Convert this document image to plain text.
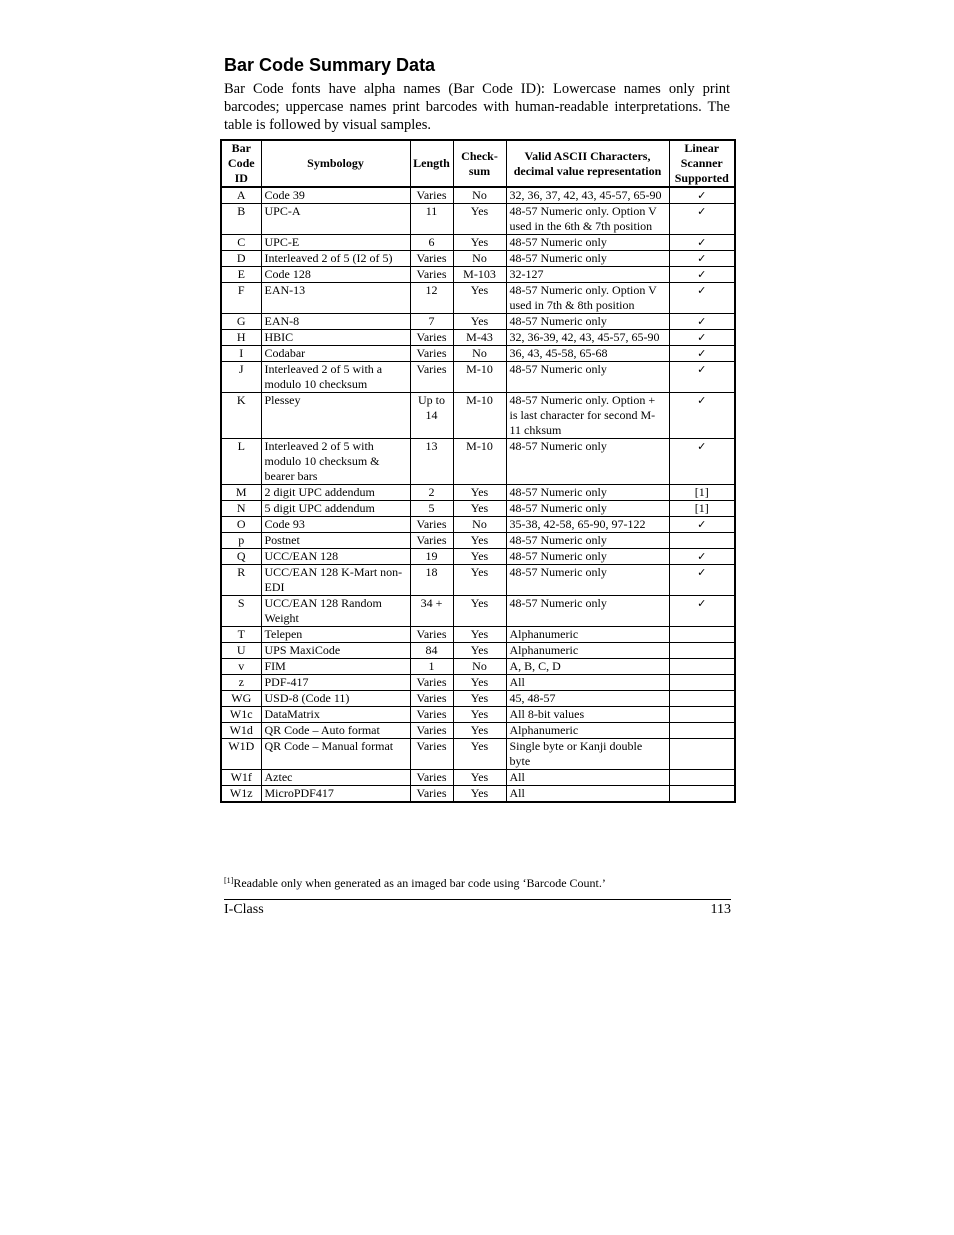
Bar Code Summary Data
Bar Code fonts have alpha names (Bar Code ID): Lowercase names only print barcodes; uppercase names print barcodes with human-readable interpretations. The table is followed by visual samples.
Bar Code ID	Symbology	Length	Check-sum	Valid ASCII Characters, decimal value representation	Linear Scanner Supported
A	Code 39	Varies	No	32, 36, 37, 42, 43, 45-57, 65-90	✓
B	UPC-A	11	Yes	48-57 Numeric only. Option V used in the 6th & 7th position	✓
C	UPC-E	6	Yes	48-57 Numeric only	✓
D	Interleaved 2 of 5 (I2 of 5)	Varies	No	48-57 Numeric only	✓
E	Code 128	Varies	M-103	32-127	✓
F	EAN-13	12	Yes	48-57 Numeric only. Option V used in 7th & 8th position	✓
G	EAN-8	7	Yes	48-57 Numeric only	✓
H	HBIC	Varies	M-43	32, 36-39, 42, 43, 45-57, 65-90	✓
I	Codabar	Varies	No	36, 43, 45-58, 65-68	✓
J	Interleaved 2 of 5 with a modulo 10 checksum	Varies	M-10	48-57 Numeric only	✓
K	Plessey	Up to 14	M-10	48-57 Numeric only. Option + is last character for second M-11 chksum	✓
L	Interleaved 2 of 5 with modulo 10 checksum & bearer bars	13	M-10	48-57 Numeric only	✓
M	2 digit UPC addendum	2	Yes	48-57 Numeric only	[1]
N	5 digit UPC addendum	5	Yes	48-57 Numeric only	[1]
O	Code 93	Varies	No	35-38, 42-58, 65-90, 97-122	✓
p	Postnet	Varies	Yes	48-57 Numeric only	
Q	UCC/EAN 128	19	Yes	48-57 Numeric only	✓
R	UCC/EAN 128 K-Mart non-EDI	18	Yes	48-57 Numeric only	✓
S	UCC/EAN 128 Random Weight	34 +	Yes	48-57 Numeric only	✓
T	Telepen	Varies	Yes	Alphanumeric	
U	UPS MaxiCode	84	Yes	Alphanumeric	
v	FIM	1	No	A, B, C, D	
z	PDF-417	Varies	Yes	All	
WG	USD-8 (Code 11)	Varies	Yes	45, 48-57	
W1c	DataMatrix	Varies	Yes	All 8-bit values	
W1d	QR Code – Auto format	Varies	Yes	Alphanumeric	
W1D	QR Code – Manual format	Varies	Yes	Single byte or Kanji double byte	
W1f	Aztec	Varies	Yes	All	
W1z	MicroPDF417	Varies	Yes	All	
[1]Readable only when generated as an imaged bar code using ‘Barcode Count.’
I-Class	113
